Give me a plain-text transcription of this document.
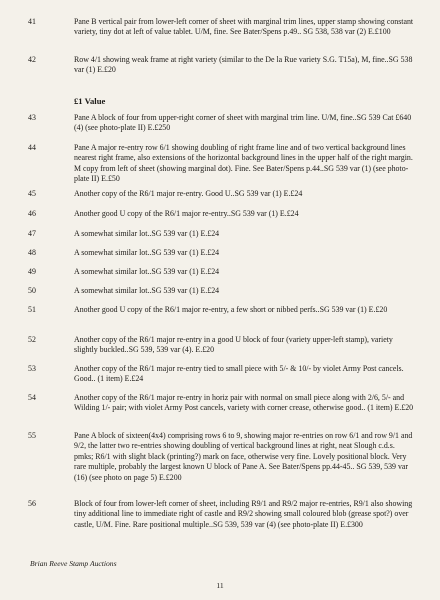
41	Pane B vertical pair from lower-left corner of sheet with marginal trim lines, upper stamp showing constant variety, tiny dot at left of value tablet. U/M, fine. See Bater/Spens p.49.. SG 538, 538 var (2) E.£100
42	Row 4/1 showing weak frame at right variety (similar to the De la Rue variety S.G. T15a), M, fine..SG 538 var (1) E.£20
£1 Value
43	Pane A block of four from upper-right corner of sheet with marginal trim line. U/M, fine..SG 539 Cat £640 (4) (see photo-plate II) E.£250
44	Pane A major re-entry row 6/1 showing doubling of right frame line and of two vertical background lines nearest right frame, also extensions of the horizontal background lines in the upper half of the right margin. M copy from left of sheet (showing marginal dot). Fine. See Bater/Spens p.44..SG 539 var (1) (see photo-plate II) E.£50
45	Another copy of the R6/1 major re-entry. Good U..SG 539 var (1) E.£24
46	Another good U copy of the R6/1 major re-entry..SG 539 var (1) E.£24
47	A somewhat similar lot..SG 539 var (1) E.£24
48	A somewhat similar lot..SG 539 var (1) E.£24
49	A somewhat similar lot..SG 539 var (1) E.£24
50	A somewhat similar lot..SG 539 var (1) E.£24
51	Another good U copy of the R6/1 major re-entry, a few short or nibbed perfs..SG 539 var (1) E.£20
52	Another copy of the R6/1 major re-entry in a good U block of four (variety upper-left stamp), variety slightly buckled..SG 539, 539 var (4). E.£20
53	Another copy of the R6/1 major re-entry tied to small piece with 5/- & 10/- by violet Army Post cancels. Good.. (1 item) E.£24
54	Another copy of the R6/1 major re-entry in horiz pair with normal on small piece along with 2/6, 5/- and Wilding 1/- pair; with violet Army Post cancels, variety with corner crease, otherwise good.. (1 item) E.£20
55	Pane A block of sixteen(4x4) comprising rows 6 to 9, showing major re-entries on row 6/1 and row 9/1 and 9/2, the latter two re-entries showing doubling of vertical background lines at right, neat Slough c.d.s. pmks; R6/1 with slight black (printing?) mark on face, otherwise very fine. Lovely positional block. Very rare multiple, probably the largest known U block of Pane A. See Bater/Spens pp.44-45.. SG 539, 539 var (16) (see photo on page 5) E.£200
56	Block of four from lower-left corner of sheet, including R9/1 and R9/2 major re-entries, R9/1 also showing tiny additional line to immediate right of castle and R9/2 showing small coloured blob (grease spot?) over castle, U/M. Fine. Rare positional multiple..SG 539, 539 var (4) (see photo-plate II) E.£300
Brian Reeve Stamp Auctions
11
